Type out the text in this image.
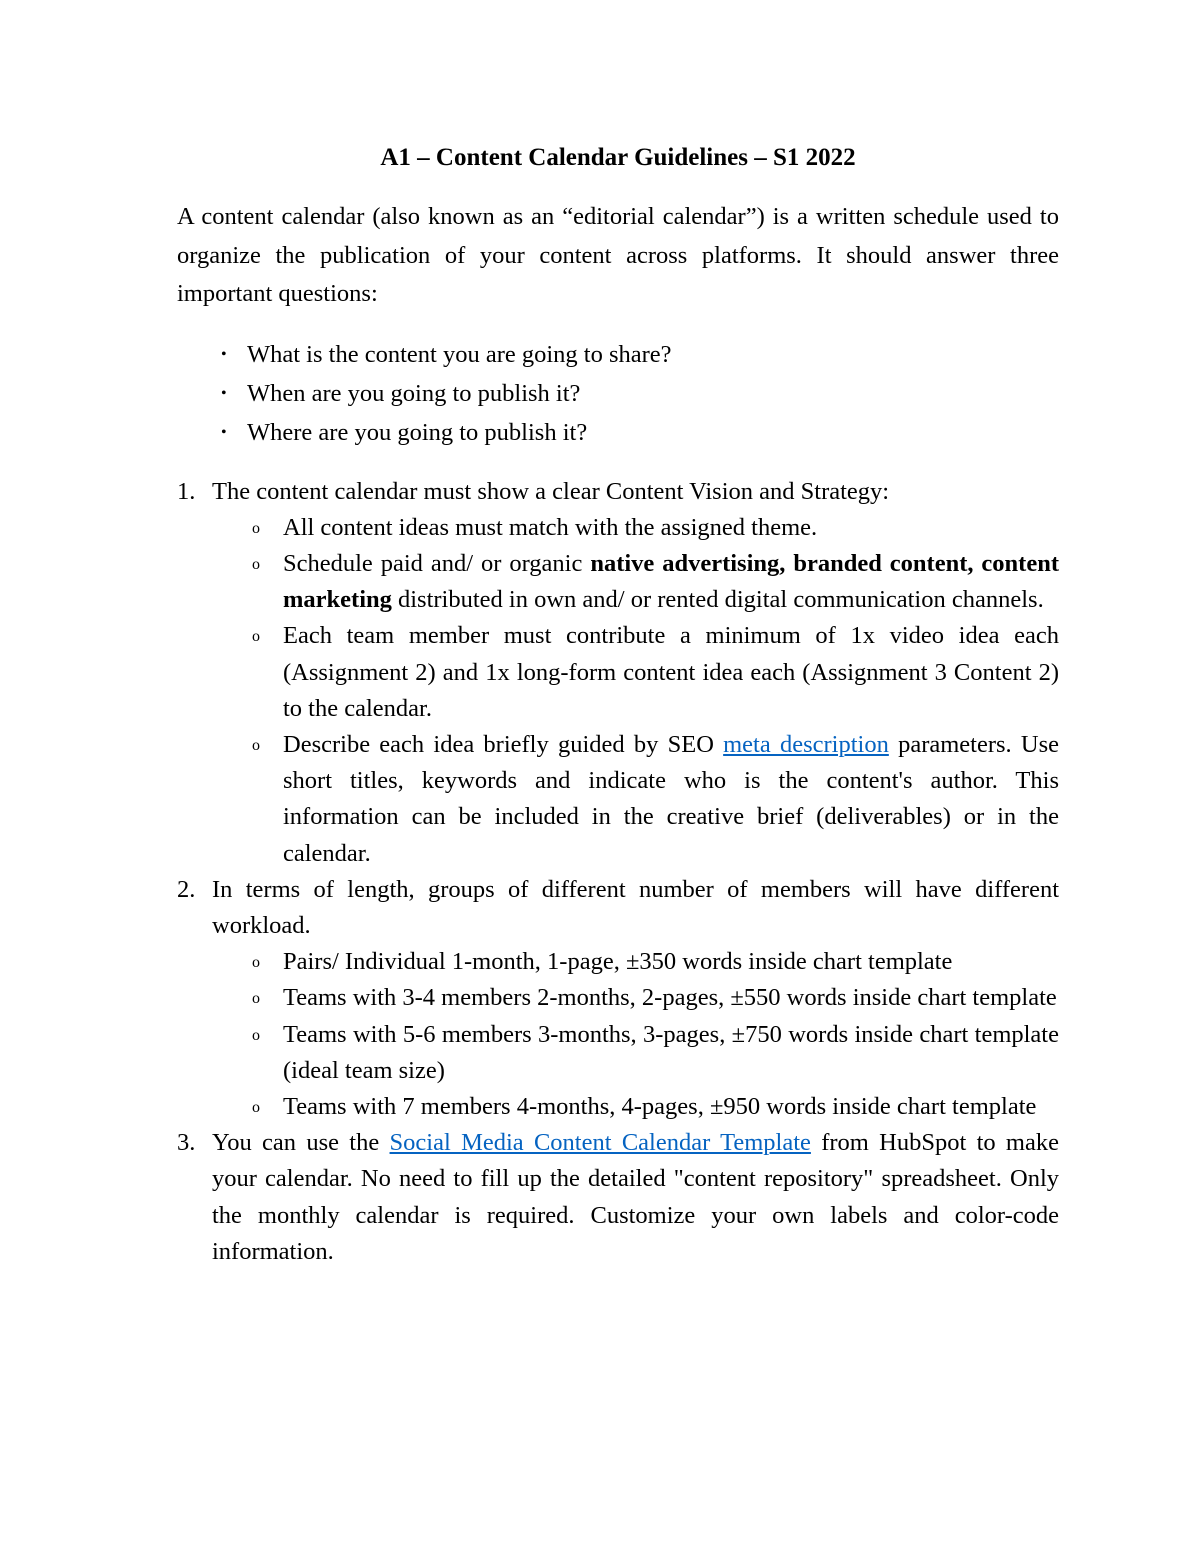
A1 – Content Calendar Guidelines – S1 2022

A content calendar (also known as an “editorial calendar”) is a written schedule used to organize the publication of your content across platforms. It should answer three important questions:

• What is the content you are going to share?
• When are you going to publish it?
• Where are you going to publish it?
1. The content calendar must show a clear Content Vision and Strategy:
o All content ideas must match with the assigned theme.
o Schedule paid and/ or organic native advertising, branded content, content marketing distributed in own and/ or rented digital communication channels.
o Each team member must contribute a minimum of 1x video idea each (Assignment 2) and 1x long-form content idea each (Assignment 3 Content 2) to the calendar.
o Describe each idea briefly guided by SEO meta description parameters. Use short titles, keywords and indicate who is the content's author. This information can be included in the creative brief (deliverables) or in the calendar.
2. In terms of length, groups of different number of members will have different workload.
o Pairs/ Individual 1-month, 1-page, ±350 words inside chart template
o Teams with 3-4 members 2-months, 2-pages, ±550 words inside chart template
o Teams with 5-6 members 3-months, 3-pages, ±750 words inside chart template (ideal team size)
o Teams with 7 members 4-months, 4-pages, ±950 words inside chart template
3. You can use the Social Media Content Calendar Template from HubSpot to make your calendar. No need to fill up the detailed "content repository" spreadsheet. Only the monthly calendar is required. Customize your own labels and color-code information.
